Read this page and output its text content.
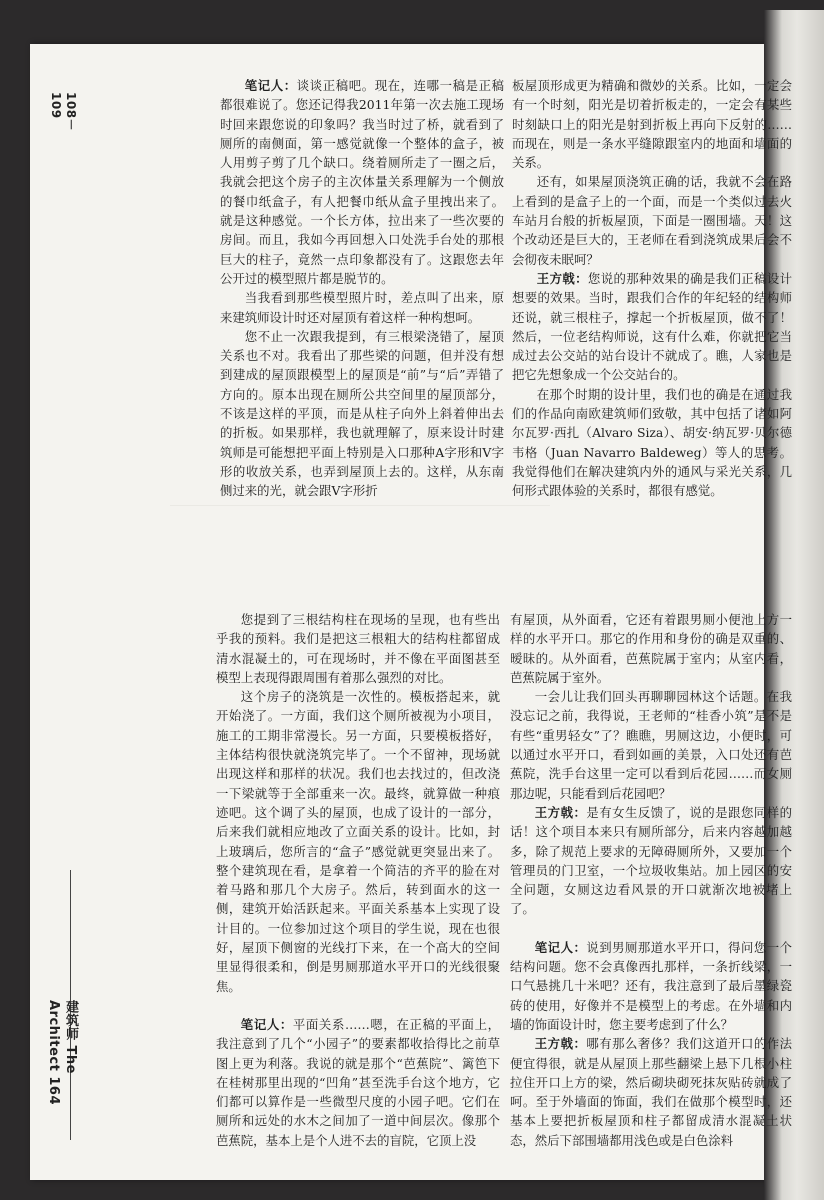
108－109
建筑师 The Architect 164

笔记人：谈谈正稿吧。现在，连哪一稿是正稿都很难说了。您还记得我2011年第一次去施工现场时回来跟您说的印象吗？我当时过了桥，就看到了厕所的南侧面，第一感觉就像一个整体的盒子，被人用剪子剪了几个缺口。绕着厕所走了一圈之后，我就会把这个房子的主次体量关系理解为一个侧放的餐巾纸盒子，有人把餐巾纸从盒子里拽出来了。就是这种感觉。一个长方体，拉出来了一些次要的房间。而且，我如今再回想入口处洗手台处的那根巨大的柱子，竟然一点印象都没有了。这跟您去年公开过的模型照片都是脱节的。

当我看到那些模型照片时，差点叫了出来，原来建筑师设计时还对屋顶有着这样一种构想呵。

您不止一次跟我提到，有三根梁浇错了，屋顶关系也不对。我看出了那些梁的问题，但并没有想到建成的屋顶跟模型上的屋顶是“前”与“后”弄错了方向的。原本出现在厕所公共空间里的屋顶部分，不该是这样的平顶，而是从柱子向外上斜着伸出去的折板。如果那样，我也就理解了，原来设计时建筑师是可能想把平面上特别是入口那种A字形和V字形的收放关系，也弄到屋顶上去的。这样，从东南侧过来的光，就会跟V字形折

板屋顶形成更为精确和微妙的关系。比如，一定会有一个时刻，阳光是切着折板走的，一定会有某些时刻缺口上的阳光是射到折板上再向下反射的……而现在，则是一条水平缝隙跟室内的地面和墙面的关系。

还有，如果屋顶浇筑正确的话，我就不会在路上看到的是盒子上的一个面，而是一个类似过去火车站月台般的折板屋顶，下面是一圈围墙。天！这个改动还是巨大的，王老师在看到浇筑成果后会不会彻夜未眠呵？

王方戟：您说的那种效果的确是我们正稿设计想要的效果。当时，跟我们合作的年纪轻的结构师还说，就三根柱子，撑起一个折板屋顶，做不了！然后，一位老结构师说，这有什么难，你就把它当成过去公交站的站台设计不就成了。瞧，人家也是把它先想象成一个公交站台的。

在那个时期的设计里，我们也的确是在通过我们的作品向南欧建筑师们致敬，其中包括了诸如阿尔瓦罗·西扎（Alvaro Siza）、胡安·纳瓦罗·贝尔德韦格（Juan Navarro Baldeweg）等人的思考。我觉得他们在解决建筑内外的通风与采光关系，几何形式跟体验的关系时，都很有感觉。

您提到了三根结构柱在现场的呈现，也有些出乎我的预料。我们是把这三根粗大的结构柱都留成清水混凝土的，可在现场时，并不像在平面图甚至模型上表现得跟周围有着那么强烈的对比。

这个房子的浇筑是一次性的。模板搭起来，就开始浇了。一方面，我们这个厕所被视为小项目，施工的工期非常漫长。另一方面，只要模板搭好，主体结构很快就浇筑完毕了。一个不留神，现场就出现这样和那样的状况。我们也去找过的，但改浇一下梁就等于全部重来一次。最终，就算做一种痕迹吧。这个调了头的屋顶，也成了设计的一部分，后来我们就相应地改了立面关系的设计。比如，封上玻璃后，您所言的“盒子”感觉就更突显出来了。整个建筑现在看，是拿着一个简洁的齐平的脸在对着马路和那几个大房子。然后，转到面水的这一侧，建筑开始活跃起来。平面关系基本上实现了设计目的。一位参加过这个项目的学生说，现在也很好，屋顶下侧窗的光线打下来，在一个高大的空间里显得很柔和，倒是男厕那道水平开口的光线很聚焦。

笔记人：平面关系……嗯，在正稿的平面上，我注意到了几个“小园子”的要素都收拾得比之前草图上更为利落。我说的就是那个“芭蕉院”、篱笆下在桂树那里出现的“凹角”甚至洗手台这个地方，它们都可以算作是一些微型尺度的小园子吧。它们在厕所和远处的水木之间加了一道中间层次。像那个芭蕉院，基本上是个人进不去的盲院，它顶上没

有屋顶，从外面看，它还有着跟男厕小便池上方一样的水平开口。那它的作用和身份的确是双重的、暧昧的。从外面看，芭蕉院属于室内；从室内看，芭蕉院属于室外。

一会儿让我们回头再聊聊园林这个话题。在我没忘记之前，我得说，王老师的“桂香小筑”是不是有些“重男轻女”了？瞧瞧，男厕这边，小便时，可以通过水平开口，看到如画的美景，入口处还有芭蕉院，洗手台这里一定可以看到后花园……而女厕那边呢，只能看到后花园吧？

王方戟：是有女生反馈了，说的是跟您同样的话！这个项目本来只有厕所部分，后来内容越加越多，除了规范上要求的无障碍厕所外，又要加一个管理员的门卫室，一个垃圾收集站。加上园区的安全问题，女厕这边看风景的开口就渐次地被堵上了。

笔记人：说到男厕那道水平开口，得问您一个结构问题。您不会真像西扎那样，一条折线梁，一口气悬挑几十米吧？还有，我注意到了最后墨绿瓷砖的使用，好像并不是模型上的考虑。在外墙和内墙的饰面设计时，您主要考虑到了什么？

王方戟：哪有那么奢侈？我们这道开口的作法便宜得很，就是从屋顶上那些翻梁上悬下几根小柱拉住开口上方的梁，然后砌块砌死抹灰贴砖就成了呵。至于外墙面的饰面，我们在做那个模型时，还基本上要把折板屋顶和柱子都留成清水混凝土状态，然后下部围墙都用浅色或是白色涂料
